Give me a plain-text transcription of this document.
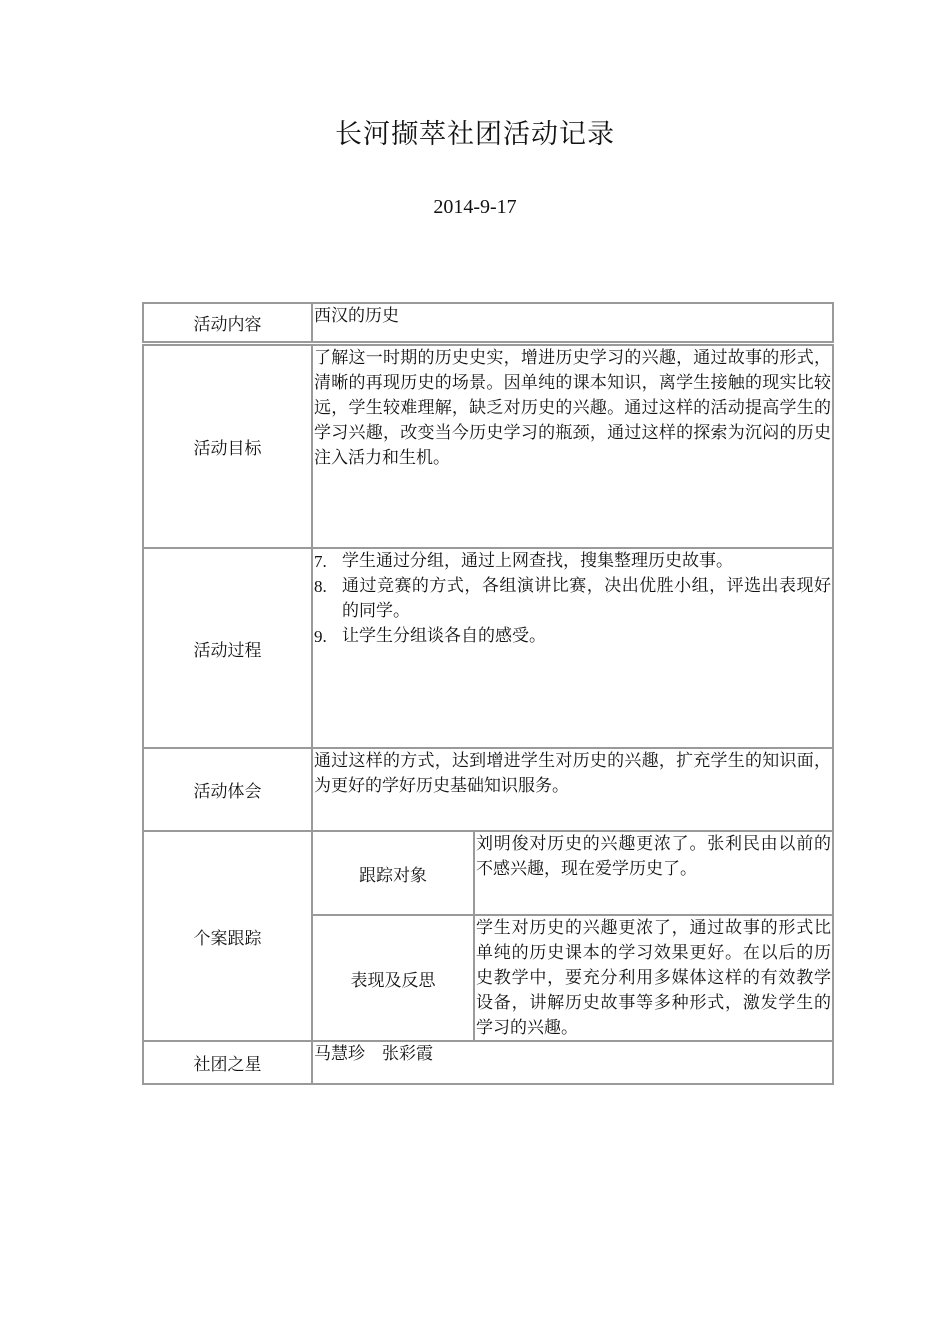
长河撷萃社团活动记录
2014-9-17
活动内容	西汉的历史

活动目标

了解这一时期的历史史实，增进历史学习的兴趣，通过故事的形式，清晰的再现历史的场景。因单纯的课本知识，离学生接触的现实比较远，学生较难理解，缺乏对历史的兴趣。通过这样的活动提高学生的学习兴趣，改变当今历史学习的瓶颈，通过这样的探索为沉闷的历史注入活力和生机。

活动过程
7. 学生通过分组，通过上网查找，搜集整理历史故事。
8. 通过竞赛的方式，各组演讲比赛，决出优胜小组，评选出表现好的同学。
9. 让学生分组谈各自的感受。
活动体会

通过这样的方式，达到增进学生对历史的兴趣，扩充学生的知识面，为更好的学好历史基础知识服务。

个案跟踪
跟踪对象

刘明俊对历史的兴趣更浓了。张利民由以前的不感兴趣，现在爱学历史了。

表现及反思

学生对历史的兴趣更浓了，通过故事的形式比单纯的历史课本的学习效果更好。在以后的历史教学中，要充分利用多媒体这样的有效教学设备，讲解历史故事等多种形式，激发学生的学习的兴趣。

社团之星

马慧珍　张彩霞
